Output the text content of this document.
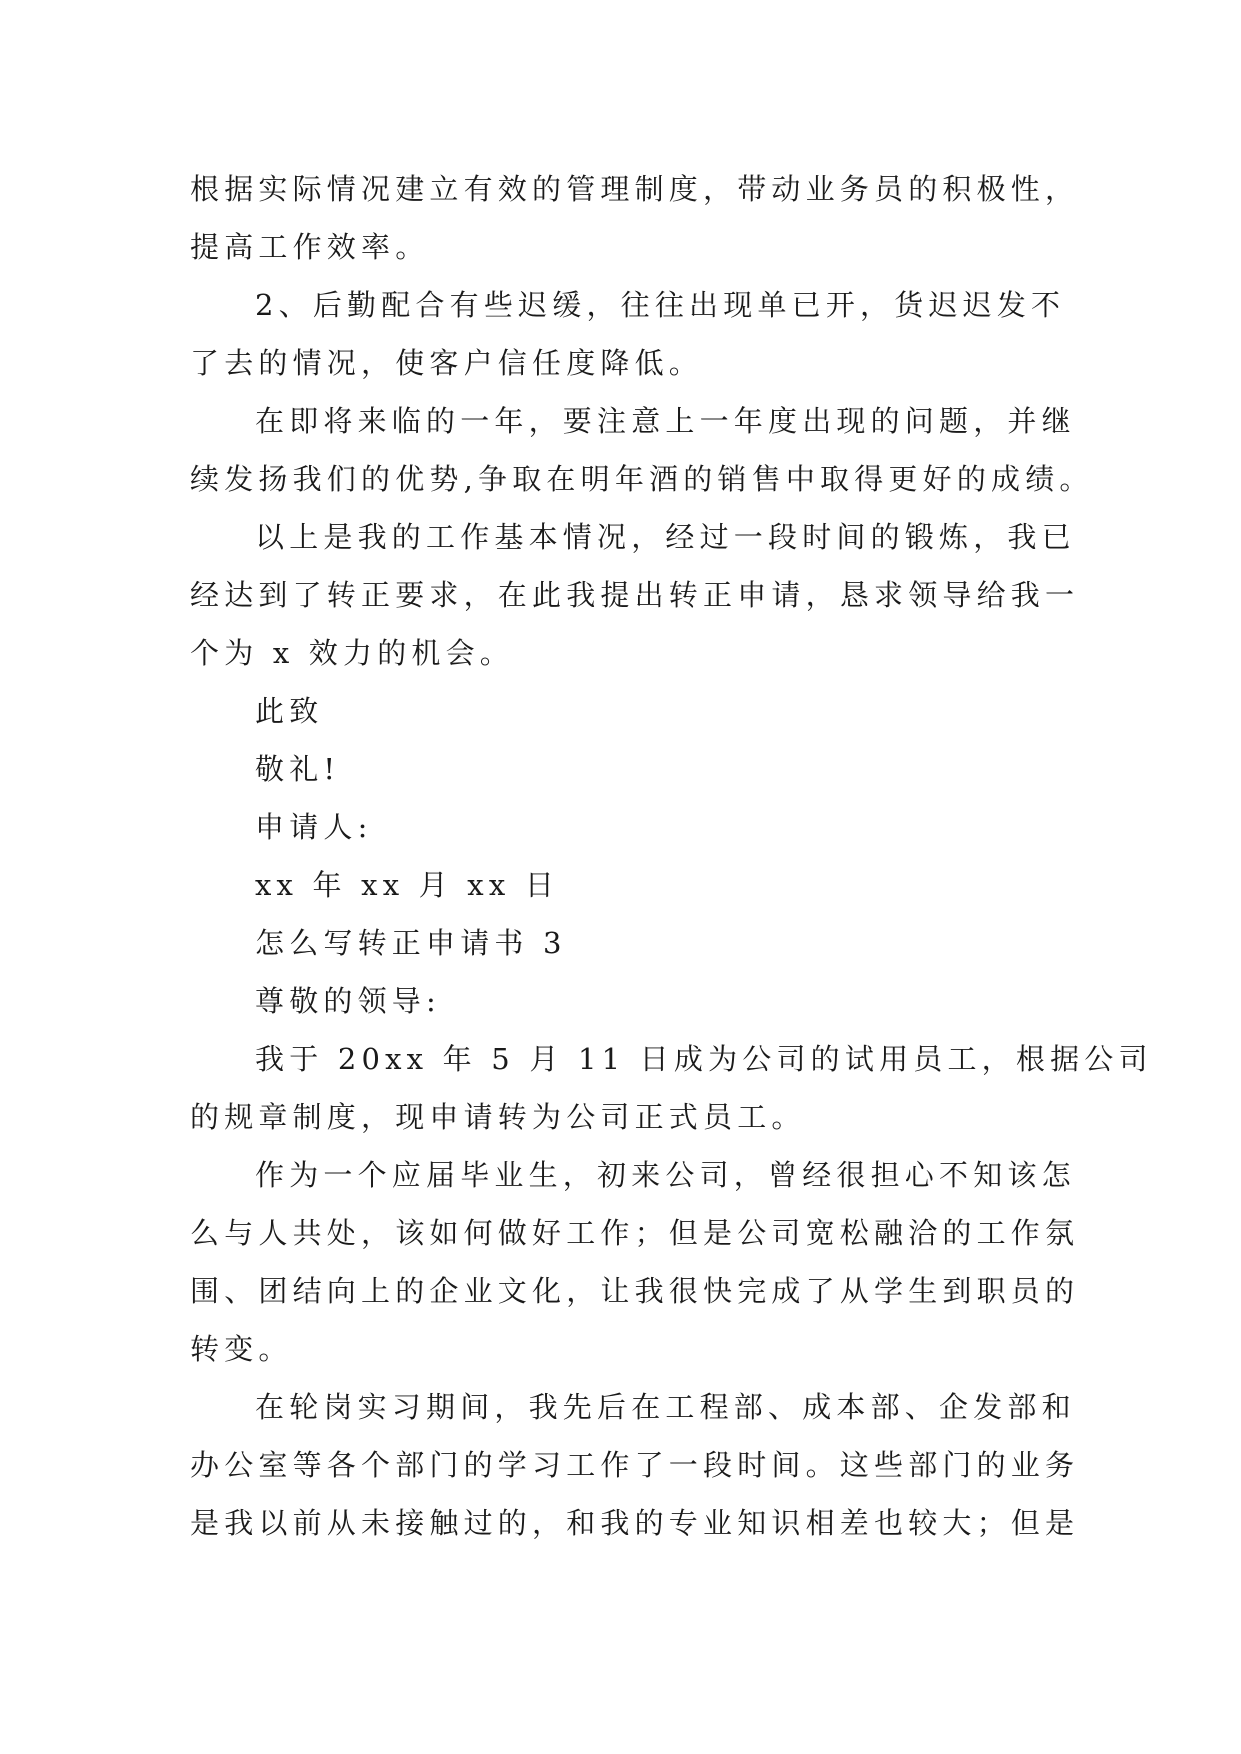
根据实际情况建立有效的管理制度，带动业务员的积极性，
提高工作效率。
2、后勤配合有些迟缓，往往出现单已开，货迟迟发不
了去的情况，使客户信任度降低。
在即将来临的一年，要注意上一年度出现的问题，并继
续发扬我们的优势,争取在明年酒的销售中取得更好的成绩。
以上是我的工作基本情况，经过一段时间的锻炼，我已
经达到了转正要求，在此我提出转正申请，恳求领导给我一
个为 x 效力的机会。
此致
敬礼!
申请人:
xx 年 xx 月 xx 日
怎么写转正申请书 3
尊敬的领导:
我于 20xx 年 5 月 11 日成为公司的试用员工，根据公司
的规章制度，现申请转为公司正式员工。
作为一个应届毕业生，初来公司，曾经很担心不知该怎
么与人共处，该如何做好工作；但是公司宽松融洽的工作氛
围、团结向上的企业文化，让我很快完成了从学生到职员的
转变。
在轮岗实习期间，我先后在工程部、成本部、企发部和
办公室等各个部门的学习工作了一段时间。这些部门的业务
是我以前从未接触过的，和我的专业知识相差也较大；但是
